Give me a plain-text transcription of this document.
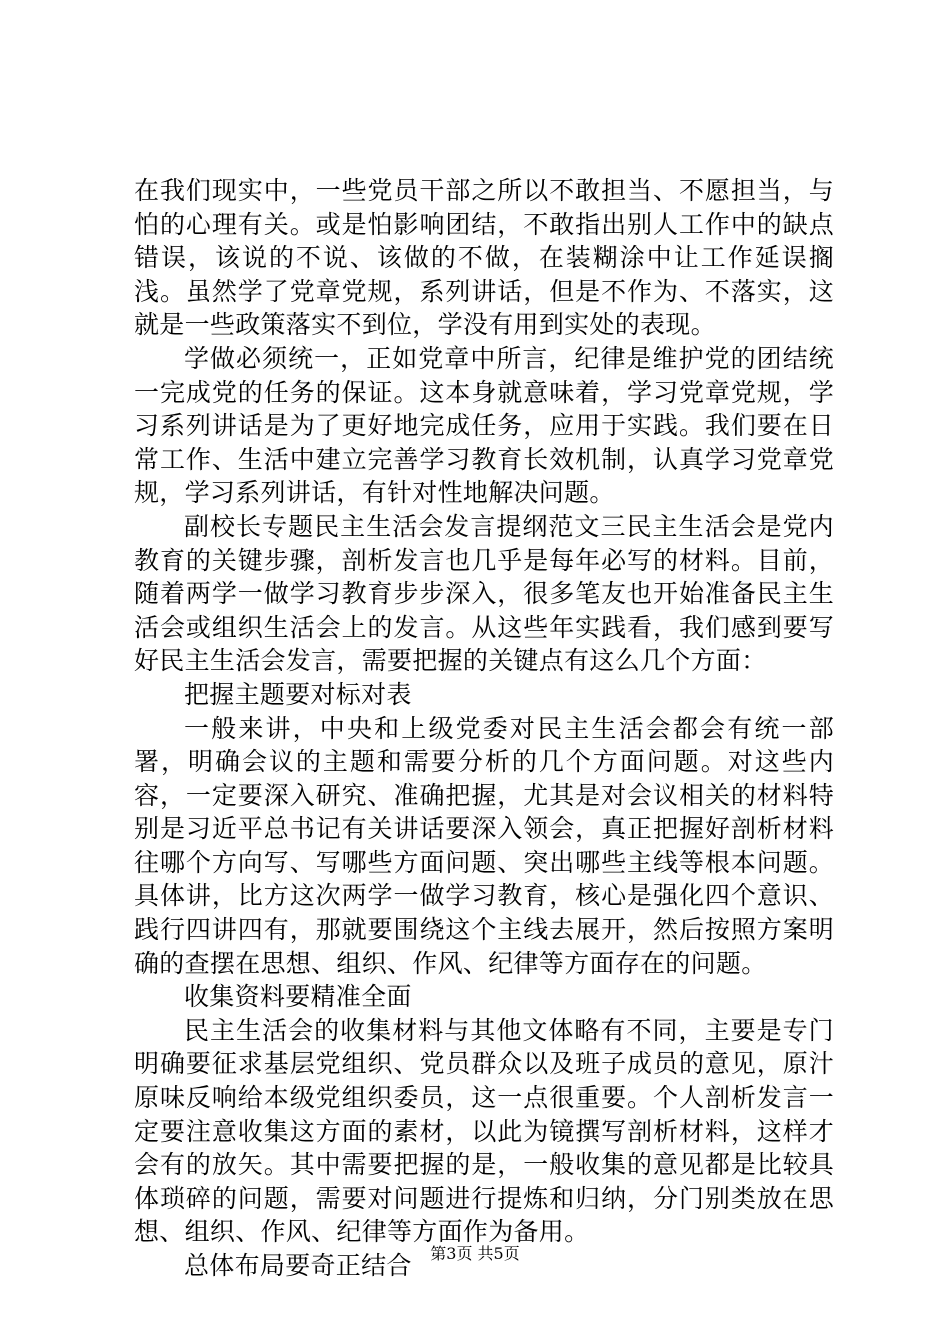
在我们现实中，一些党员干部之所以不敢担当、不愿担当，与怕的心理有关。或是怕影响团结，不敢指出别人工作中的缺点错误，该说的不说、该做的不做，在装糊涂中让工作延误搁浅。虽然学了党章党规，系列讲话，但是不作为、不落实，这就是一些政策落实不到位，学没有用到实处的表现。

学做必须统一，正如党章中所言，纪律是维护党的团结统一完成党的任务的保证。这本身就意味着，学习党章党规，学习系列讲话是为了更好地完成任务，应用于实践。我们要在日常工作、生活中建立完善学习教育长效机制，认真学习党章党规，学习系列讲话，有针对性地解决问题。

副校长专题民主生活会发言提纲范文三民主生活会是党内教育的关键步骤，剖析发言也几乎是每年必写的材料。目前，随着两学一做学习教育步步深入，很多笔友也开始准备民主生活会或组织生活会上的发言。从这些年实践看，我们感到要写好民主生活会发言，需要把握的关键点有这么几个方面：

把握主题要对标对表

一般来讲，中央和上级党委对民主生活会都会有统一部署，明确会议的主题和需要分析的几个方面问题。对这些内容，一定要深入研究、准确把握，尤其是对会议相关的材料特别是习近平总书记有关讲话要深入领会，真正把握好剖析材料往哪个方向写、写哪些方面问题、突出哪些主线等根本问题。具体讲，比方这次两学一做学习教育，核心是强化四个意识、践行四讲四有，那就要围绕这个主线去展开，然后按照方案明确的查摆在思想、组织、作风、纪律等方面存在的问题。

收集资料要精准全面

民主生活会的收集材料与其他文体略有不同，主要是专门明确要征求基层党组织、党员群众以及班子成员的意见，原汁原味反响给本级党组织委员，这一点很重要。个人剖析发言一定要注意收集这方面的素材，以此为镜撰写剖析材料，这样才会有的放矢。其中需要把握的是，一般收集的意见都是比较具体琐碎的问题，需要对问题进行提炼和归纳，分门别类放在思想、组织、作风、纪律等方面作为备用。

总体布局要奇正结合	第3页 共5页
